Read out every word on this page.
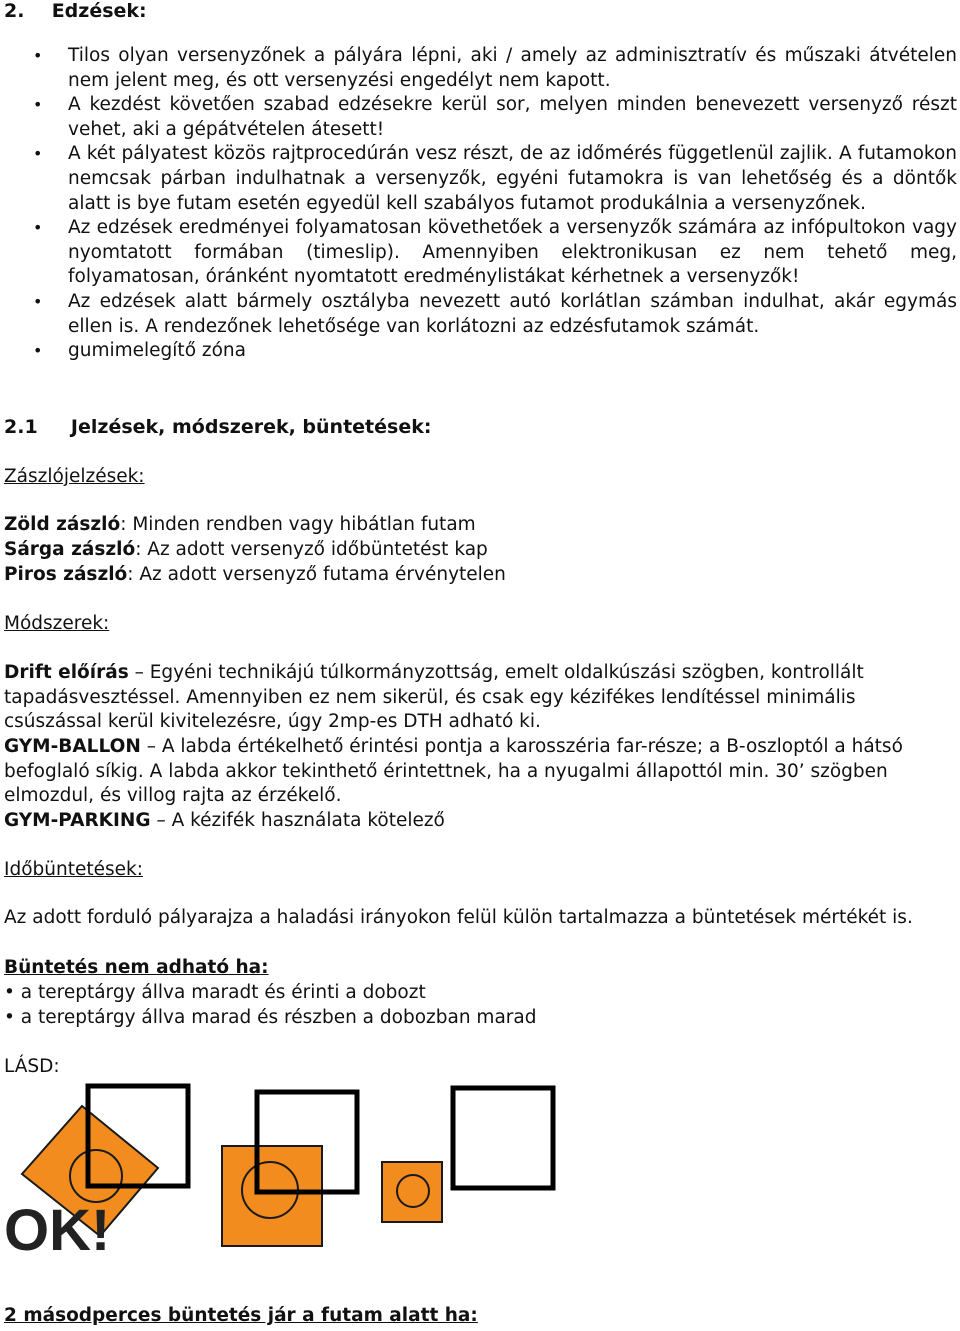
2. Edzések:
• Tilos olyan versenyzőnek a pályára lépni, aki / amely az adminisztratív és műszaki átvételen nem jelent meg, és ott versenyzési engedélyt nem kapott.
• A kezdést követően szabad edzésekre kerül sor, melyen minden benevezett versenyző részt vehet, aki a gépátvételen átesett!
• A két pályatest közös rajtprocedúrán vesz részt, de az időmérés függetlenül zajlik. A futamokon nemcsak párban indulhatnak a versenyzők, egyéni futamokra is van lehetőség és a döntők alatt is bye futam esetén egyedül kell szabályos futamot produkálnia a versenyzőnek.
• Az edzések eredményei folyamatosan követhetőek a versenyzők számára az infópultokon vagy nyomtatott formában (timeslip). Amennyiben elektronikusan ez nem tehető meg, folyamatosan, óránként nyomtatott eredménylistákat kérhetnek a versenyzők!
• Az edzések alatt bármely osztályba nevezett autó korlátlan számban indulhat, akár egymás ellen is. A rendezőnek lehetősége van korlátozni az edzésfutamok számát.
• gumimelegítő zóna
2.1 Jelzések, módszerek, büntetések:
Zászlójelzések:
Zöld zászló: Minden rendben vagy hibátlan futam
Sárga zászló: Az adott versenyző időbüntetést kap
Piros zászló: Az adott versenyző futama érvénytelen
Módszerek:
Drift előírás – Egyéni technikájú túlkormányzottság, emelt oldalkúszási szögben, kontrollált tapadásvesztéssel. Amennyiben ez nem sikerül, és csak egy kézifékes lendítéssel minimális csúszással kerül kivitelezésre, úgy 2mp-es DTH adható ki.
GYM-BALLON – A labda értékelhető érintési pontja a karosszéria far-része; a B-oszloptól a hátsó befoglaló síkig. A labda akkor tekinthető érintettnek, ha a nyugalmi állapottól min. 30’ szögben elmozdul, és villog rajta az érzékelő.
GYM-PARKING – A kézifék használata kötelező
Időbüntetések:
Az adott forduló pályarajza a haladási irányokon felül külön tartalmazza a büntetések mértékét is.
Büntetés nem adható ha:
• a tereptárgy állva maradt és érinti a dobozt
• a tereptárgy állva marad és részben a dobozban marad
LÁSD:
OK!
2 másodperces büntetés jár a futam alatt ha:
